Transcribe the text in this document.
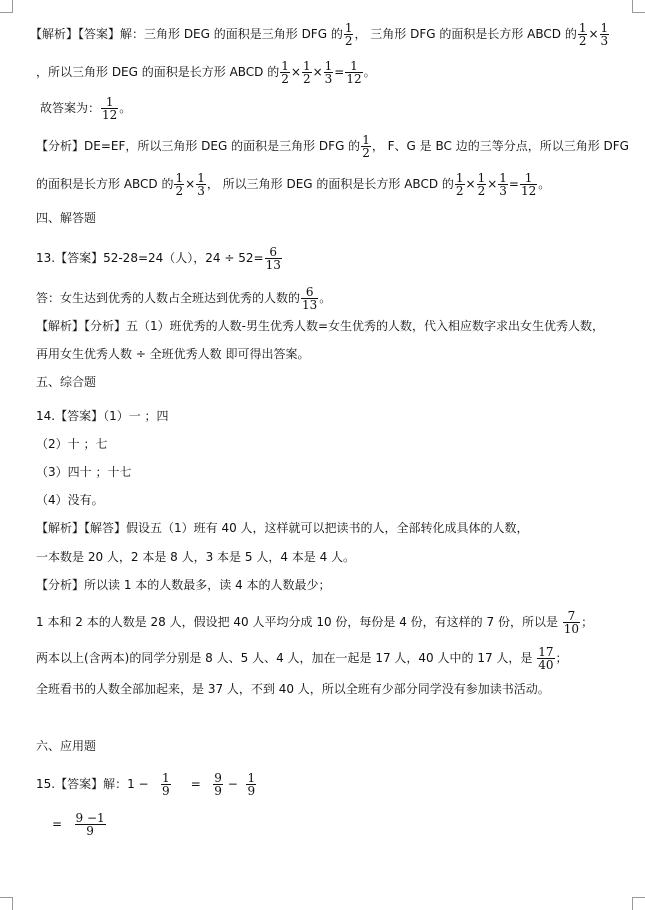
【解析】【答案】解：三角形 DEG 的面积是三角形 DFG 的 $\frac{1}{2}$ ， 三角形 DFG 的面积是长方形 ABCD 的 $\frac{1}{2} \times \frac{1}{3}$
，所以三角形 DEG 的面积是长方形 ABCD 的 $\frac{1}{2} \times \frac{1}{2} \times \frac{1}{3} = \frac{1}{12}$ 。
故答案为： $\frac{1}{12}$ 。
【分析】DE=EF，所以三角形 DEG 的面积是三角形 DFG 的 $\frac{1}{2}$ ， F、G 是 BC 边的三等分点，所以三角形 DFG
的面积是长方形 ABCD 的 $\frac{1}{2} \times \frac{1}{3}$ ， 所以三角形 DEG 的面积是长方形 ABCD 的 $\frac{1}{2} \times \frac{1}{2} \times \frac{1}{3} = \frac{1}{12}$ 。
四、解答题
13.【答案】52-28=24（人），$24 \div 52= \frac{6}{13}$
答：女生达到优秀的人数占全班达到优秀的人数的 $\frac{6}{13}$ 。
【解析】【分析】五（1）班优秀的人数-男生优秀人数=女生优秀的人数，代入相应数字求出女生优秀人数，
再用女生优秀人数 ÷ 全班优秀人数 即可得出答案。
五、综合题
14.【答案】（1）一 ；四
（2）十 ；七
（3）四十 ；十七
（4）没有。
【解析】【解答】假设五（1）班有 40 人，这样就可以把读书的人，全部转化成具体的人数，
一本数是 20 人，2 本是 8 人，3 本是 5 人，4 本是 4 人。
【分析】所以读 1 本的人数最多，读 4 本的人数最少；
1 本和 2 本的人数是 28 人，假设把 40 人平均分成 10 份，每份是 4 份，有这样的 7 份，所以是 $\frac{7}{10}$ ；
两本以上(含两本)的同学分别是 8 人、5 人、4 人，加在一起是 17 人，40 人中的 17 人，是 $\frac{17}{40}$ ；
全班看书的人数全部加起来，是 37 人，不到 40 人，所以全班有少部分同学没有参加读书活动。
六、应用题
15.【答案】解：$1 - \frac{1}{9} = \frac{9}{9} - \frac{1}{9}$
= $\frac{9 -1}{9}$
